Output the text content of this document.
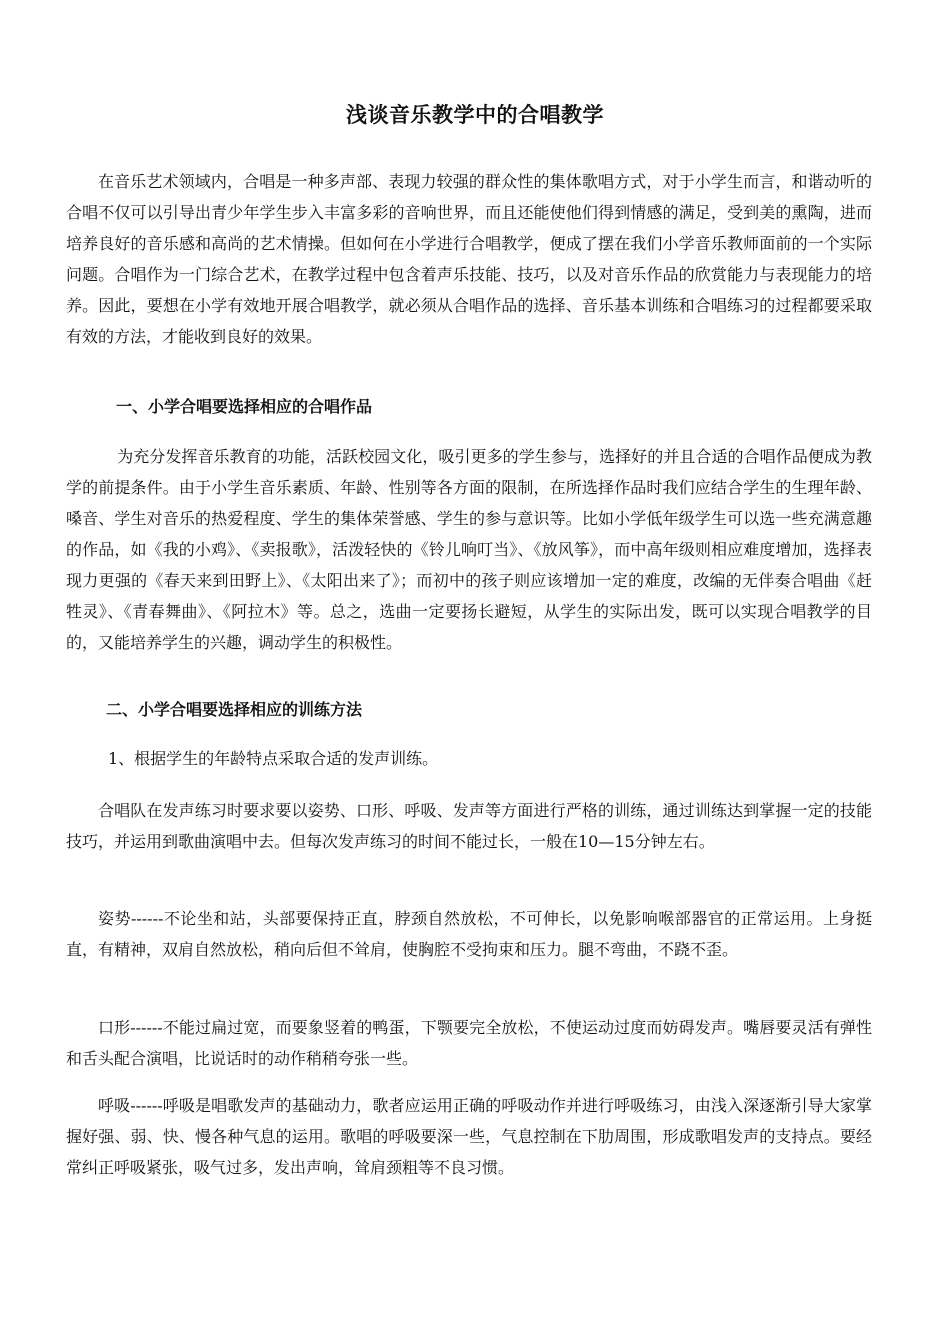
浅谈音乐教学中的合唱教学

在音乐艺术领域内，合唱是一种多声部、表现力较强的群众性的集体歌唱方式，对于小学生而言，和谐动听的合唱不仅可以引导出青少年学生步入丰富多彩的音响世界，而且还能使他们得到情感的满足，受到美的熏陶，进而培养良好的音乐感和高尚的艺术情操。但如何在小学进行合唱教学，便成了摆在我们小学音乐教师面前的一个实际问题。合唱作为一门综合艺术，在教学过程中包含着声乐技能、技巧，以及对音乐作品的欣赏能力与表现能力的培养。因此，要想在小学有效地开展合唱教学，就必须从合唱作品的选择、音乐基本训练和合唱练习的过程都要采取有效的方法，才能收到良好的效果。

一、小学合唱要选择相应的合唱作品

为充分发挥音乐教育的功能，活跃校园文化，吸引更多的学生参与，选择好的并且合适的合唱作品便成为教学的前提条件。由于小学生音乐素质、年龄、性别等各方面的限制，在所选择作品时我们应结合学生的生理年龄、嗓音、学生对音乐的热爱程度、学生的集体荣誉感、学生的参与意识等。比如小学低年级学生可以选一些充满意趣的作品，如《我的小鸡》、《卖报歌》，活泼轻快的《铃儿响叮当》、《放风筝》，而中高年级则相应难度增加，选择表现力更强的《春天来到田野上》、《太阳出来了》；而初中的孩子则应该增加一定的难度，改编的无伴奏合唱曲《赶牲灵》、《青春舞曲》、《阿拉木》等。总之，选曲一定要扬长避短，从学生的实际出发，既可以实现合唱教学的目的，又能培养学生的兴趣，调动学生的积极性。

二、小学合唱要选择相应的训练方法

1、根据学生的年龄特点采取合适的发声训练。

合唱队在发声练习时要求要以姿势、口形、呼吸、发声等方面进行严格的训练，通过训练达到掌握一定的技能技巧，并运用到歌曲演唱中去。但每次发声练习的时间不能过长，一般在10—15分钟左右。

姿势------不论坐和站，头部要保持正直，脖颈自然放松，不可伸长，以免影响喉部器官的正常运用。上身挺直，有精神，双肩自然放松，稍向后但不耸肩，使胸腔不受拘束和压力。腿不弯曲，不跷不歪。

口形------不能过扁过宽，而要象竖着的鸭蛋，下颚要完全放松，不使运动过度而妨碍发声。嘴唇要灵活有弹性和舌头配合演唱，比说话时的动作稍稍夸张一些。

呼吸------呼吸是唱歌发声的基础动力，歌者应运用正确的呼吸动作并进行呼吸练习，由浅入深逐渐引导大家掌握好强、弱、快、慢各种气息的运用。歌唱的呼吸要深一些，气息控制在下肋周围，形成歌唱发声的支持点。要经常纠正呼吸紧张，吸气过多，发出声响，耸肩颈粗等不良习惯。
